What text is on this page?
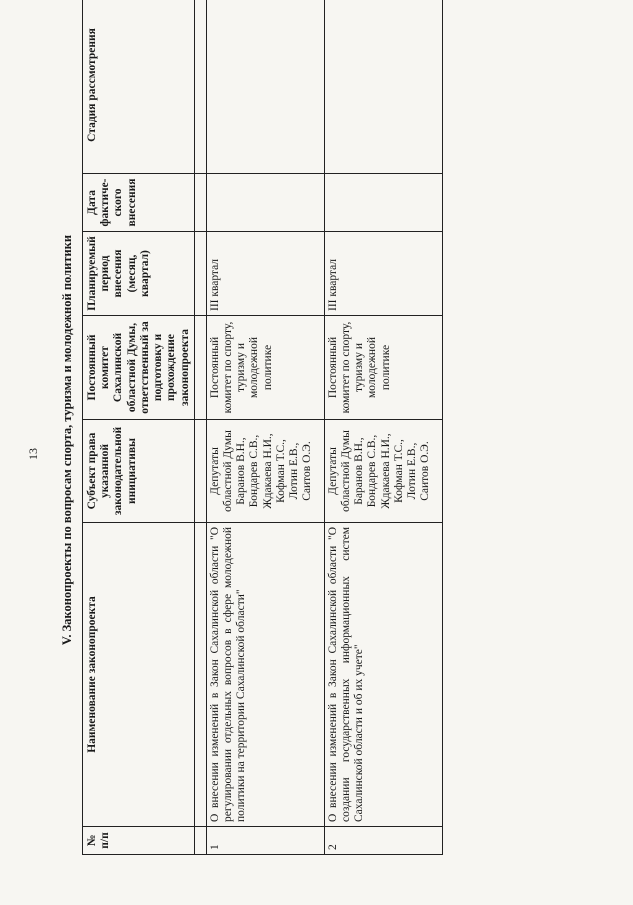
13 V. Законопроекты по вопросам спорта, туризма и молодежной политики
№ п/п	Наименование законопроекта	Субъект права указанной законодательной инициативы	Постоянный комитет Сахалинской областной Думы, ответственный за подготовку и прохождение законопроекта	Планируемый период внесения (месяц, квартал)	Дата фактиче-ского внесения	Стадия рассмотрения

1	О внесении изменений в Закон Сахалинской области "О регулировании отдельных вопросов в сфере молодежной политики на территории Сахалинской области"	Депутаты областной Думы Баранов В.Н., Бондарев С.В., Ждакаева Н.И., Кофман Т.С., Лотин Е.В., Саитов О.Э.	Постоянный комитет по спорту, туризму и молодежной политике	III квартал		
2	О внесении изменений в Закон Сахалинской области "О создании государственных информационных систем Сахалинской области и об их учете"	Депутаты областной Думы Баранов В.Н., Бондарев С.В., Ждакаева Н.И., Кофман Т.С., Лотин Е.В., Саитов О.Э.	Постоянный комитет по спорту, туризму и молодежной политике	III квартал		
